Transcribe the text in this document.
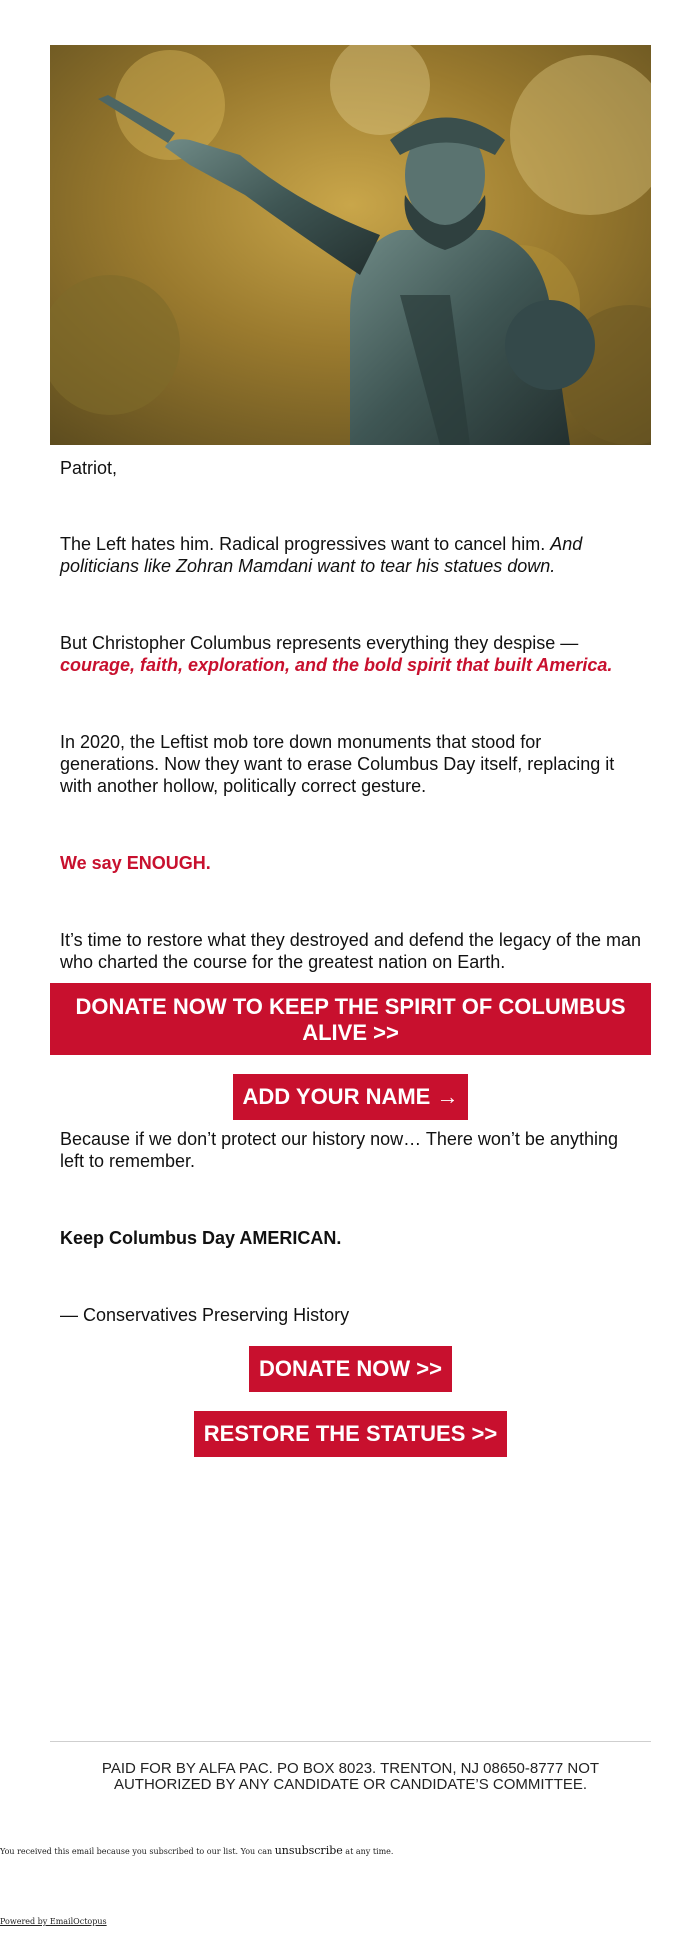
Patriot,

The Left hates him. Radical progressives want to cancel him. And politicians like Zohran Mamdani want to tear his statues down.

But Christopher Columbus represents everything they despise — courage, faith, exploration, and the bold spirit that built America.

In 2020, the Leftist mob tore down monuments that stood for generations. Now they want to erase Columbus Day itself, replacing it with another hollow, politically correct gesture.

We say ENOUGH.

It’s time to restore what they destroyed and defend the legacy of the man who charted the course for the greatest nation on Earth.

DONATE NOW TO KEEP THE SPIRIT OF COLUMBUS ALIVE >>
ADD YOUR NAME →

Because if we don’t protect our history now… There won’t be anything left to remember.

Keep Columbus Day AMERICAN.

— Conservatives Preserving History

DONATE NOW >>
RESTORE THE STATUES >>
PAID FOR BY ALFA PAC. PO BOX 8023. TRENTON, NJ 08650-8777 NOT AUTHORIZED BY ANY CANDIDATE OR CANDIDATE’S COMMITTEE.
You received this email because you subscribed to our list. You can unsubscribe at any time.
Powered by EmailOctopus
